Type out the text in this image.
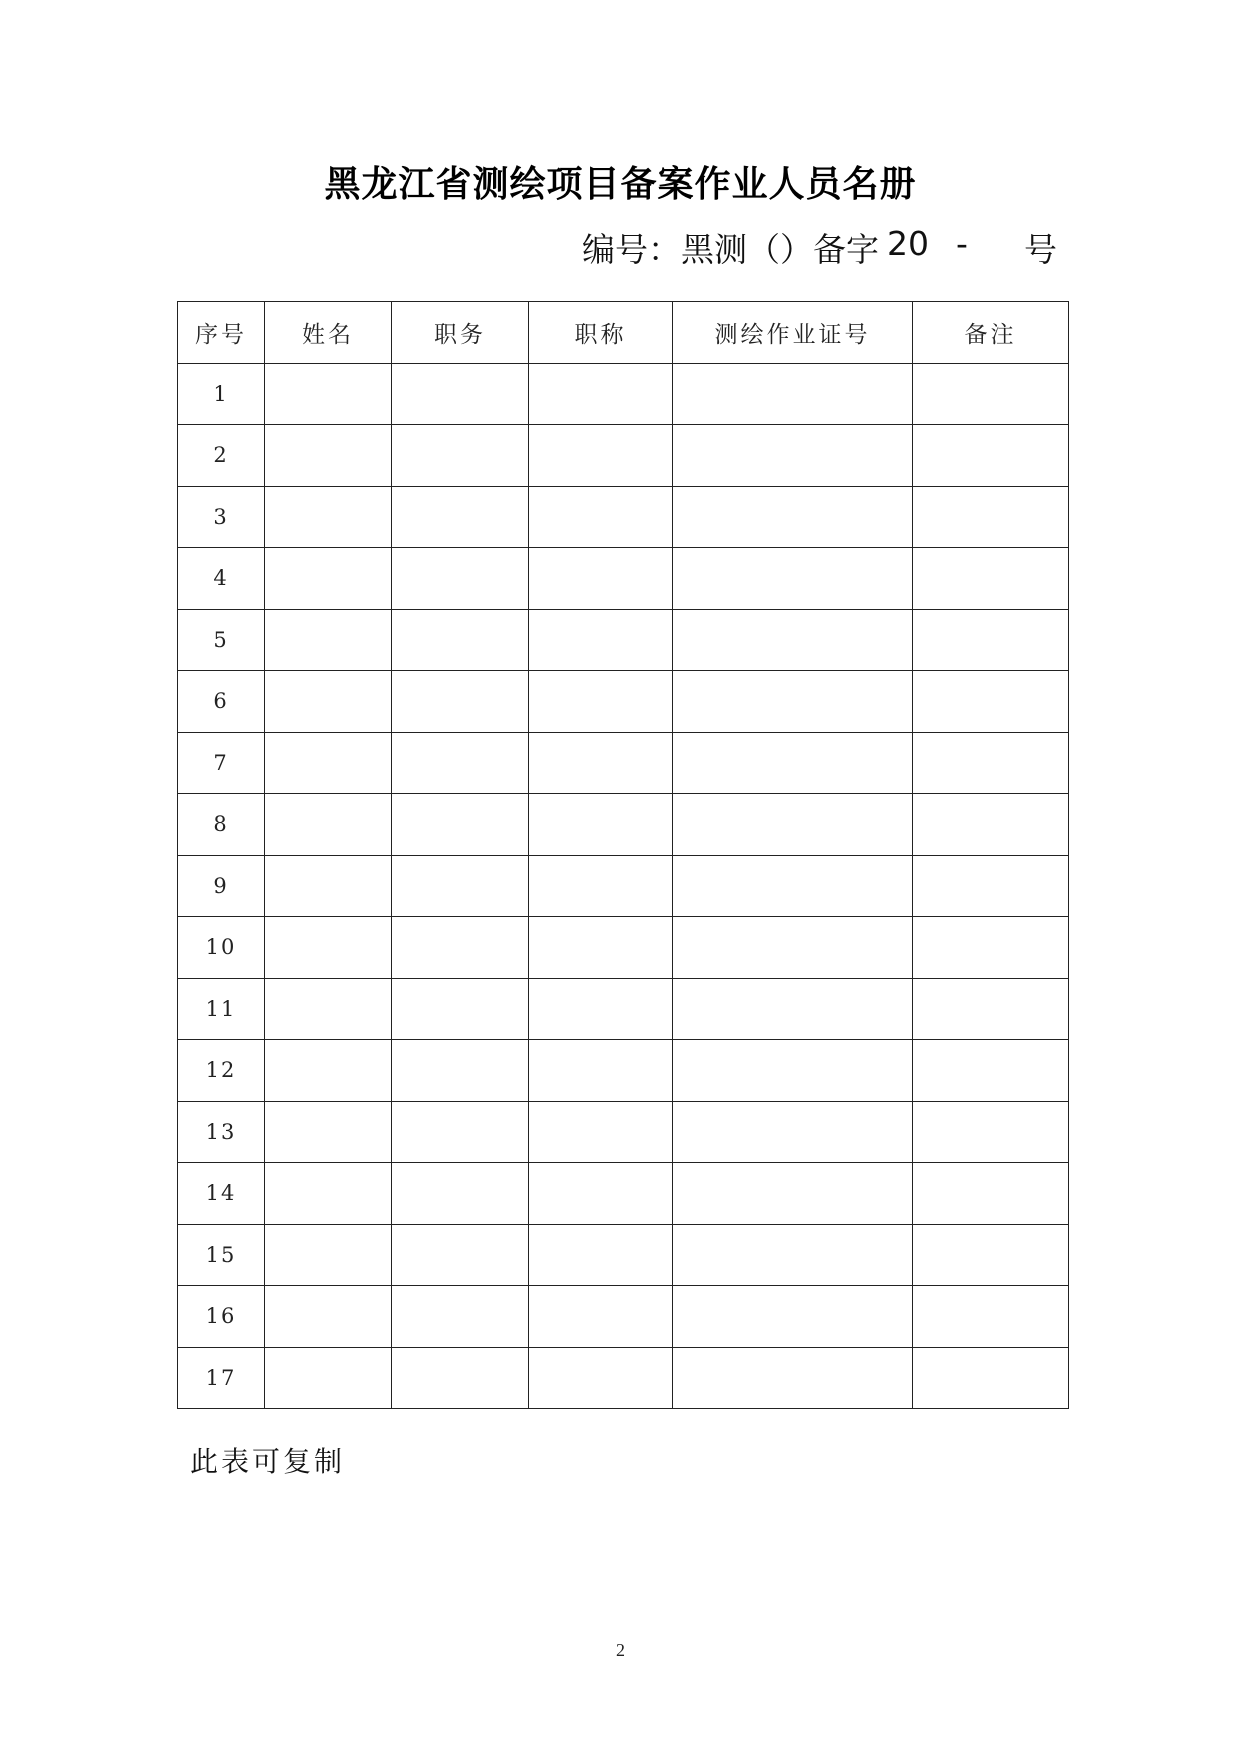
黑龙江省测绘项目备案作业人员名册
编号：黑测（）备字 20 - 号
序号	姓名	职务	职称	测绘作业证号	备注
1					
2					
3					
4					
5					
6					
7					
8					
9					
10					
11					
12					
13					
14					
15					
16					
17					
此表可复制
2
